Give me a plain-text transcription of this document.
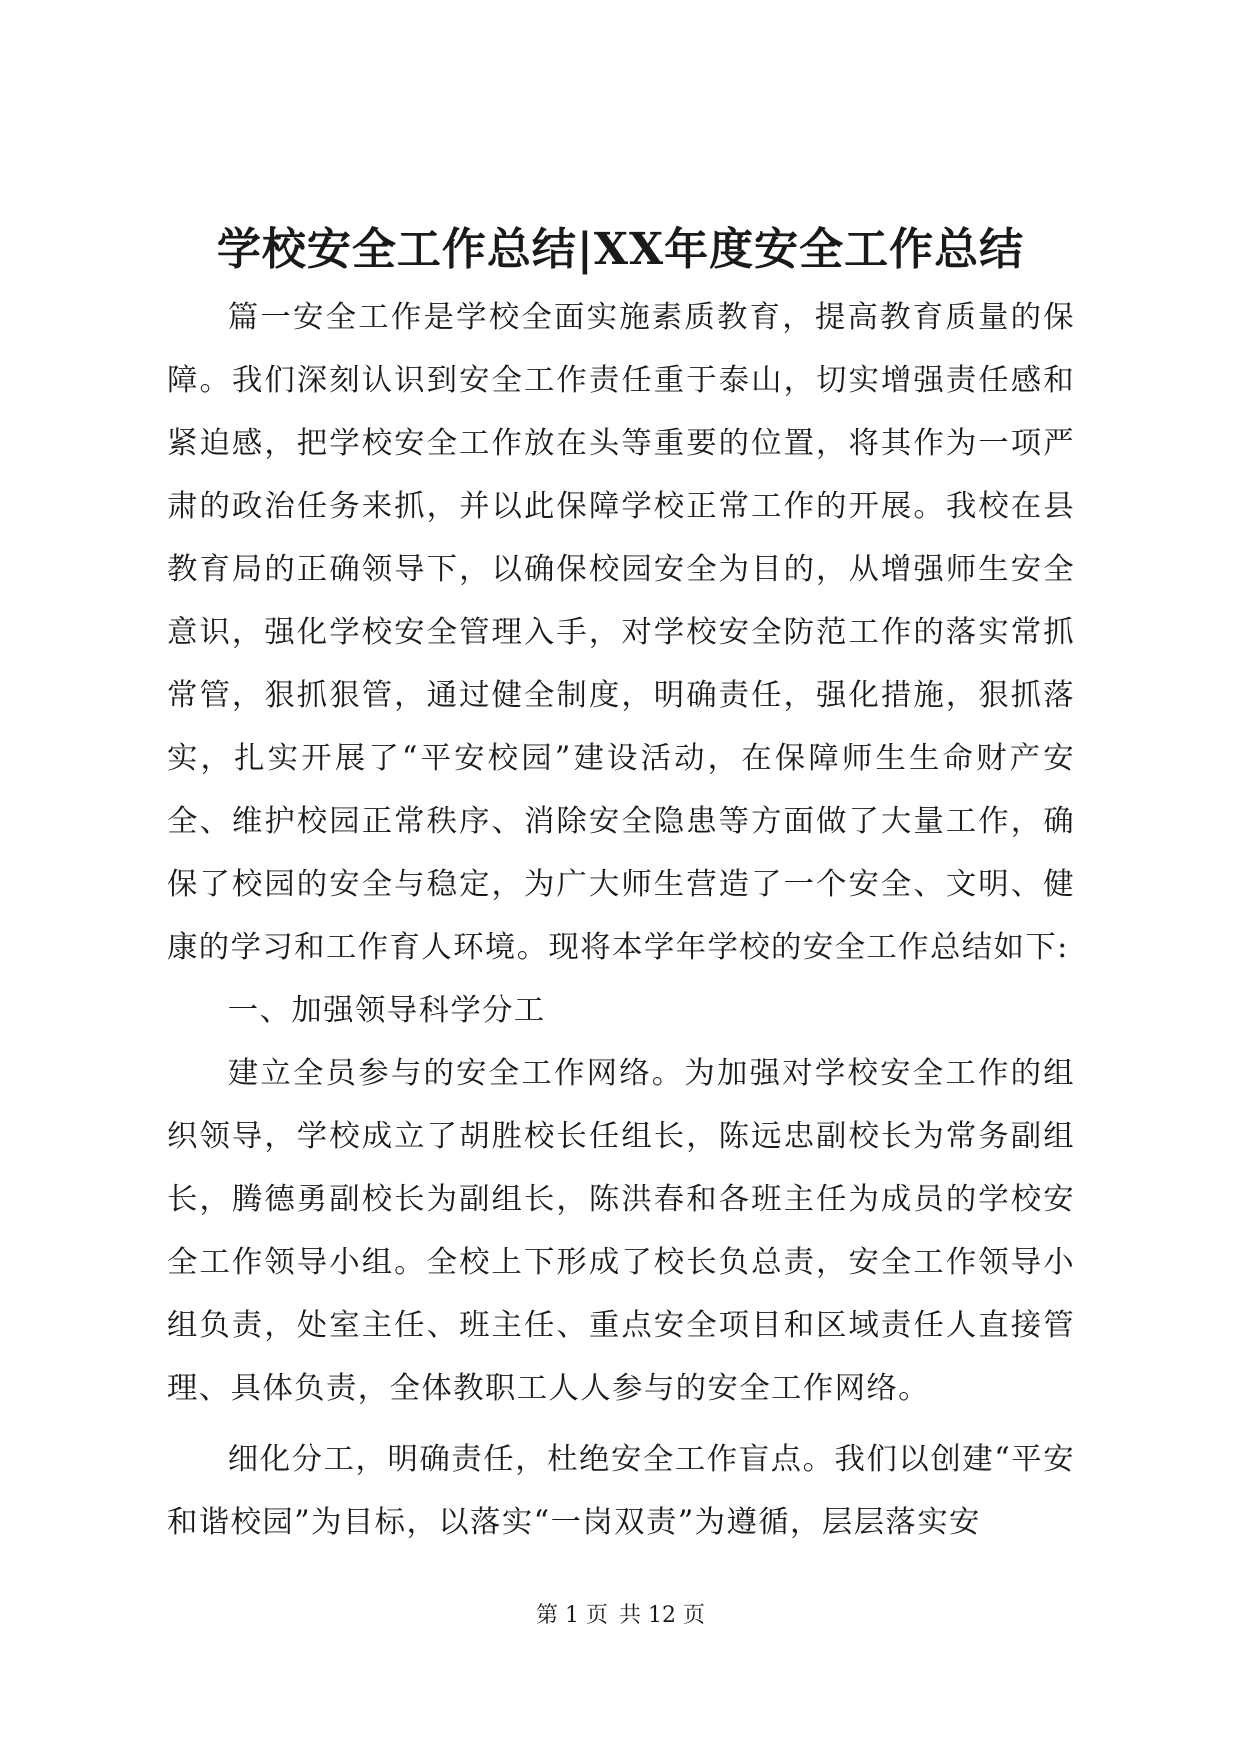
学校安全工作总结|XX年度安全工作总结

篇一安全工作是学校全面实施素质教育，提高教育质量的保障。我们深刻认识到安全工作责任重于泰山，切实增强责任感和紧迫感，把学校安全工作放在头等重要的位置，将其作为一项严肃的政治任务来抓，并以此保障学校正常工作的开展。我校在县教育局的正确领导下，以确保校园安全为目的，从增强师生安全意识，强化学校安全管理入手，对学校安全防范工作的落实常抓常管，狠抓狠管，通过健全制度，明确责任，强化措施，狠抓落实，扎实开展了“平安校园”建设活动，在保障师生生命财产安全、维护校园正常秩序、消除安全隐患等方面做了大量工作，确保了校园的安全与稳定，为广大师生营造了一个安全、文明、健康的学习和工作育人环境。现将本学年学校的安全工作总结如下:

一、加强领导科学分工

建立全员参与的安全工作网络。为加强对学校安全工作的组织领导，学校成立了胡胜校长任组长，陈远忠副校长为常务副组长，腾德勇副校长为副组长，陈洪春和各班主任为成员的学校安全工作领导小组。全校上下形成了校长负总责，安全工作领导小组负责，处室主任、班主任、重点安全项目和区域责任人直接管理、具体负责，全体教职工人人参与的安全工作网络。

细化分工，明确责任，杜绝安全工作盲点。我们以创建“平安和谐校园”为目标，以落实“一岗双责”为遵循，层层落实安

第 1 页 共 12 页
